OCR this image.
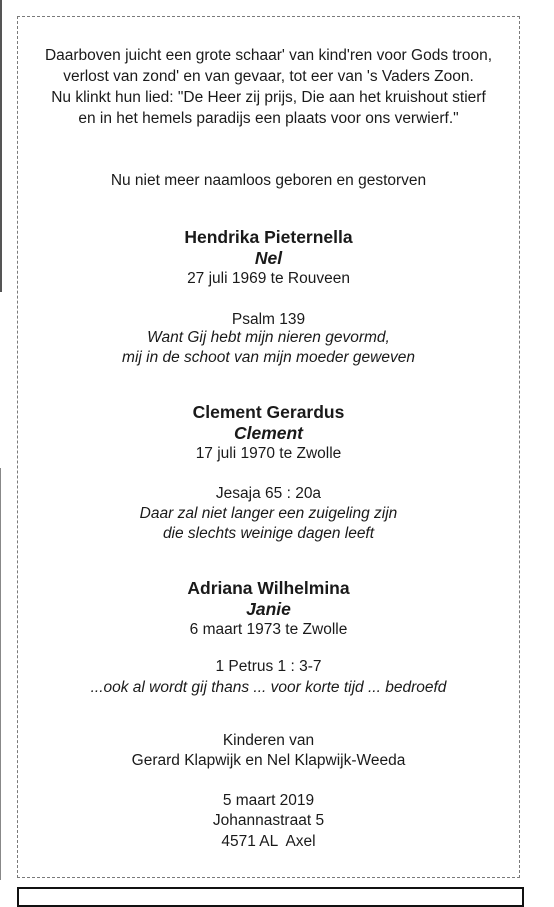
Daarboven juicht een grote schaar' van kind'ren voor Gods troon,
verlost van zond' en van gevaar, tot eer van 's Vaders Zoon.
Nu klinkt hun lied: "De Heer zij prijs, Die aan het kruishout stierf
en in het hemels paradijs een plaats voor ons verwierf."
Nu niet meer naamloos geboren en gestorven
Hendrika Pieternella
Nel
27 juli 1969 te Rouveen
Psalm 139
Want Gij hebt mijn nieren gevormd,
mij in de schoot van mijn moeder geweven
Clement Gerardus
Clement
17 juli 1970 te Zwolle
Jesaja 65 : 20a
Daar zal niet langer een zuigeling zijn
die slechts weinige dagen leeft
Adriana Wilhelmina
Janie
6 maart 1973 te Zwolle
1 Petrus 1 : 3-7
...ook al wordt gij thans ... voor korte tijd ... bedroefd
Kinderen van
Gerard Klapwijk en Nel Klapwijk-Weeda
5 maart 2019
Johannastraat 5
4571 AL  Axel
